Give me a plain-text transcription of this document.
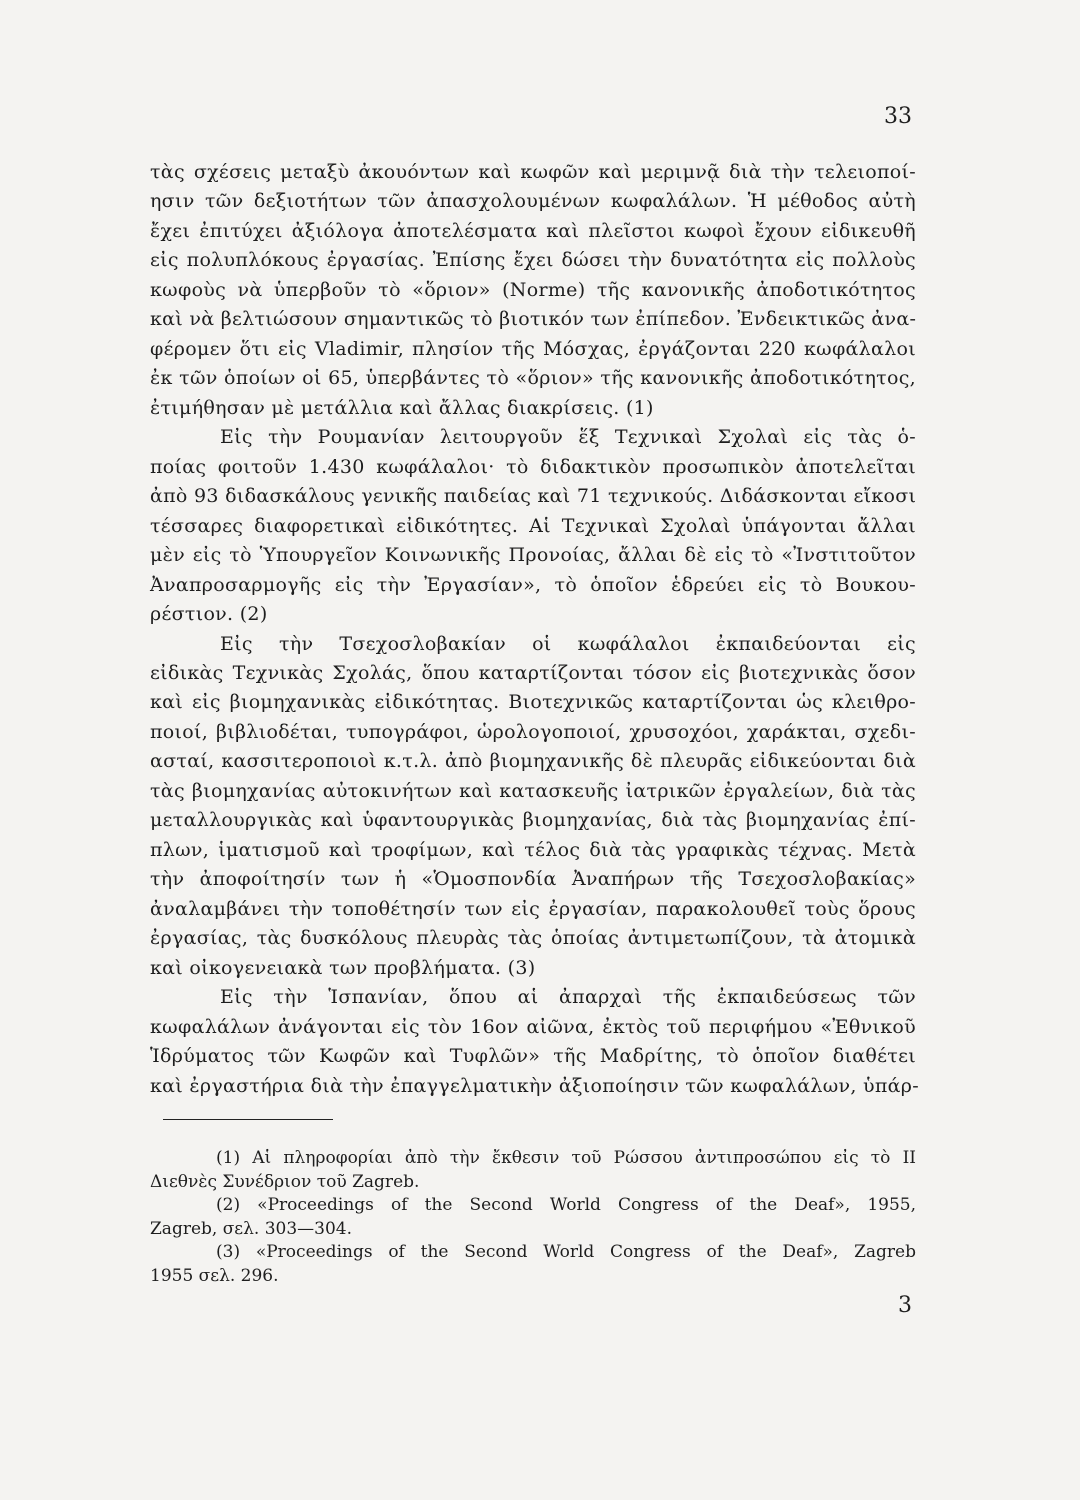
33
τὰς σχέσεις μεταξὺ ἀκουόντων καὶ κωφῶν καὶ μεριμνᾷ διὰ τὴν τελειοποί-
ησιν τῶν δεξιοτήτων τῶν ἀπασχολουμένων κωφαλάλων. Ἡ μέθοδος αὐτὴ
ἔχει ἐπιτύχει ἀξιόλογα ἀποτελέσματα καὶ πλεῖστοι κωφοὶ ἔχουν εἰδικευθῆ
εἰς πολυπλόκους ἐργασίας. Ἐπίσης ἔχει δώσει τὴν δυνατότητα εἰς πολλοὺς
κωφοὺς νὰ ὑπερβοῦν τὸ «ὅριον» (Norme) τῆς κανονικῆς ἀποδοτικότητος
καὶ νὰ βελτιώσουν σημαντικῶς τὸ βιοτικόν των ἐπίπεδον. Ἐνδεικτικῶς ἀνα-
φέρομεν ὅτι εἰς Vladimir, πλησίον τῆς Μόσχας, ἐργάζονται 220 κωφάλαλοι
ἐκ τῶν ὁποίων οἱ 65, ὑπερβάντες τὸ «ὅριον» τῆς κανονικῆς ἀποδοτικότητος,
ἐτιμήθησαν μὲ μετάλλια καὶ ἄλλας διακρίσεις. (1)
Εἰς τὴν Ρουμανίαν λειτουργοῦν ἕξ Τεχνικαὶ Σχολαὶ εἰς τὰς ὁ-
ποίας φοιτοῦν 1.430 κωφάλαλοι· τὸ διδακτικὸν προσωπικὸν ἀποτελεῖται
ἀπὸ 93 διδασκάλους γενικῆς παιδείας καὶ 71 τεχνικούς. Διδάσκονται εἴκοσι
τέσσαρες διαφορετικαὶ εἰδικότητες. Αἱ Τεχνικαὶ Σχολαὶ ὑπάγονται ἄλλαι
μὲν εἰς τὸ Ὑπουργεῖον Κοινωνικῆς Προνοίας, ἄλλαι δὲ εἰς τὸ «Ἰνστιτοῦτον
Ἀναπροσαρμογῆς εἰς τὴν Ἐργασίαν», τὸ ὁποῖον ἑδρεύει εἰς τὸ Βουκου-
ρέστιον. (2)
Εἰς τὴν Τσεχοσλοβακίαν οἱ κωφάλαλοι ἐκπαιδεύονται εἰς
εἰδικὰς Τεχνικὰς Σχολάς, ὅπου καταρτίζονται τόσον εἰς βιοτεχνικὰς ὅσον
καὶ εἰς βιομηχανικὰς εἰδικότητας. Βιοτεχνικῶς καταρτίζονται ὡς κλειθρο-
ποιοί, βιβλιοδέται, τυπογράφοι, ὡρολογοποιοί, χρυσοχόοι, χαράκται, σχεδι-
ασταί, κασσιτεροποιοὶ κ.τ.λ. ἀπὸ βιομηχανικῆς δὲ πλευρᾶς εἰδικεύονται διὰ
τὰς βιομηχανίας αὐτοκινήτων καὶ κατασκευῆς ἰατρικῶν ἐργαλείων, διὰ τὰς
μεταλλουργικὰς καὶ ὑφαντουργικὰς βιομηχανίας, διὰ τὰς βιομηχανίας ἐπί-
πλων, ἱματισμοῦ καὶ τροφίμων, καὶ τέλος διὰ τὰς γραφικὰς τέχνας. Μετὰ
τὴν ἀποφοίτησίν των ἡ «Ὁμοσπονδία Ἀναπήρων τῆς Τσεχοσλοβακίας»
ἀναλαμβάνει τὴν τοποθέτησίν των εἰς ἐργασίαν, παρακολουθεῖ τοὺς ὅρους
ἐργασίας, τὰς δυσκόλους πλευρὰς τὰς ὁποίας ἀντιμετωπίζουν, τὰ ἀτομικὰ
καὶ οἰκογενειακὰ των προβλήματα. (3)
Εἰς τὴν Ἱσπανίαν, ὅπου αἱ ἀπαρχαὶ τῆς ἐκπαιδεύσεως τῶν
κωφαλάλων ἀνάγονται εἰς τὸν 16ον αἰῶνα, ἐκτὸς τοῦ περιφήμου «Ἐθνικοῦ
Ἱδρύματος τῶν Κωφῶν καὶ Τυφλῶν» τῆς Μαδρίτης, τὸ ὁποῖον διαθέτει
καὶ ἐργαστήρια διὰ τὴν ἐπαγγελματικὴν ἀξιοποίησιν τῶν κωφαλάλων, ὑπάρ-
(1) Αἱ πληροφορίαι ἀπὸ τὴν ἔκθεσιν τοῦ Ρώσσου ἀντιπροσώπου εἰς τὸ ΙΙ
Διεθνὲς Συνέδριον τοῦ Zagreb.
(2) «Proceedings of the Second World Congress of the Deaf», 1955,
Zagreb, σελ. 303—304.
(3) «Proceedings of the Second World Congress of the Deaf», Zagreb
1955 σελ. 296.
3
